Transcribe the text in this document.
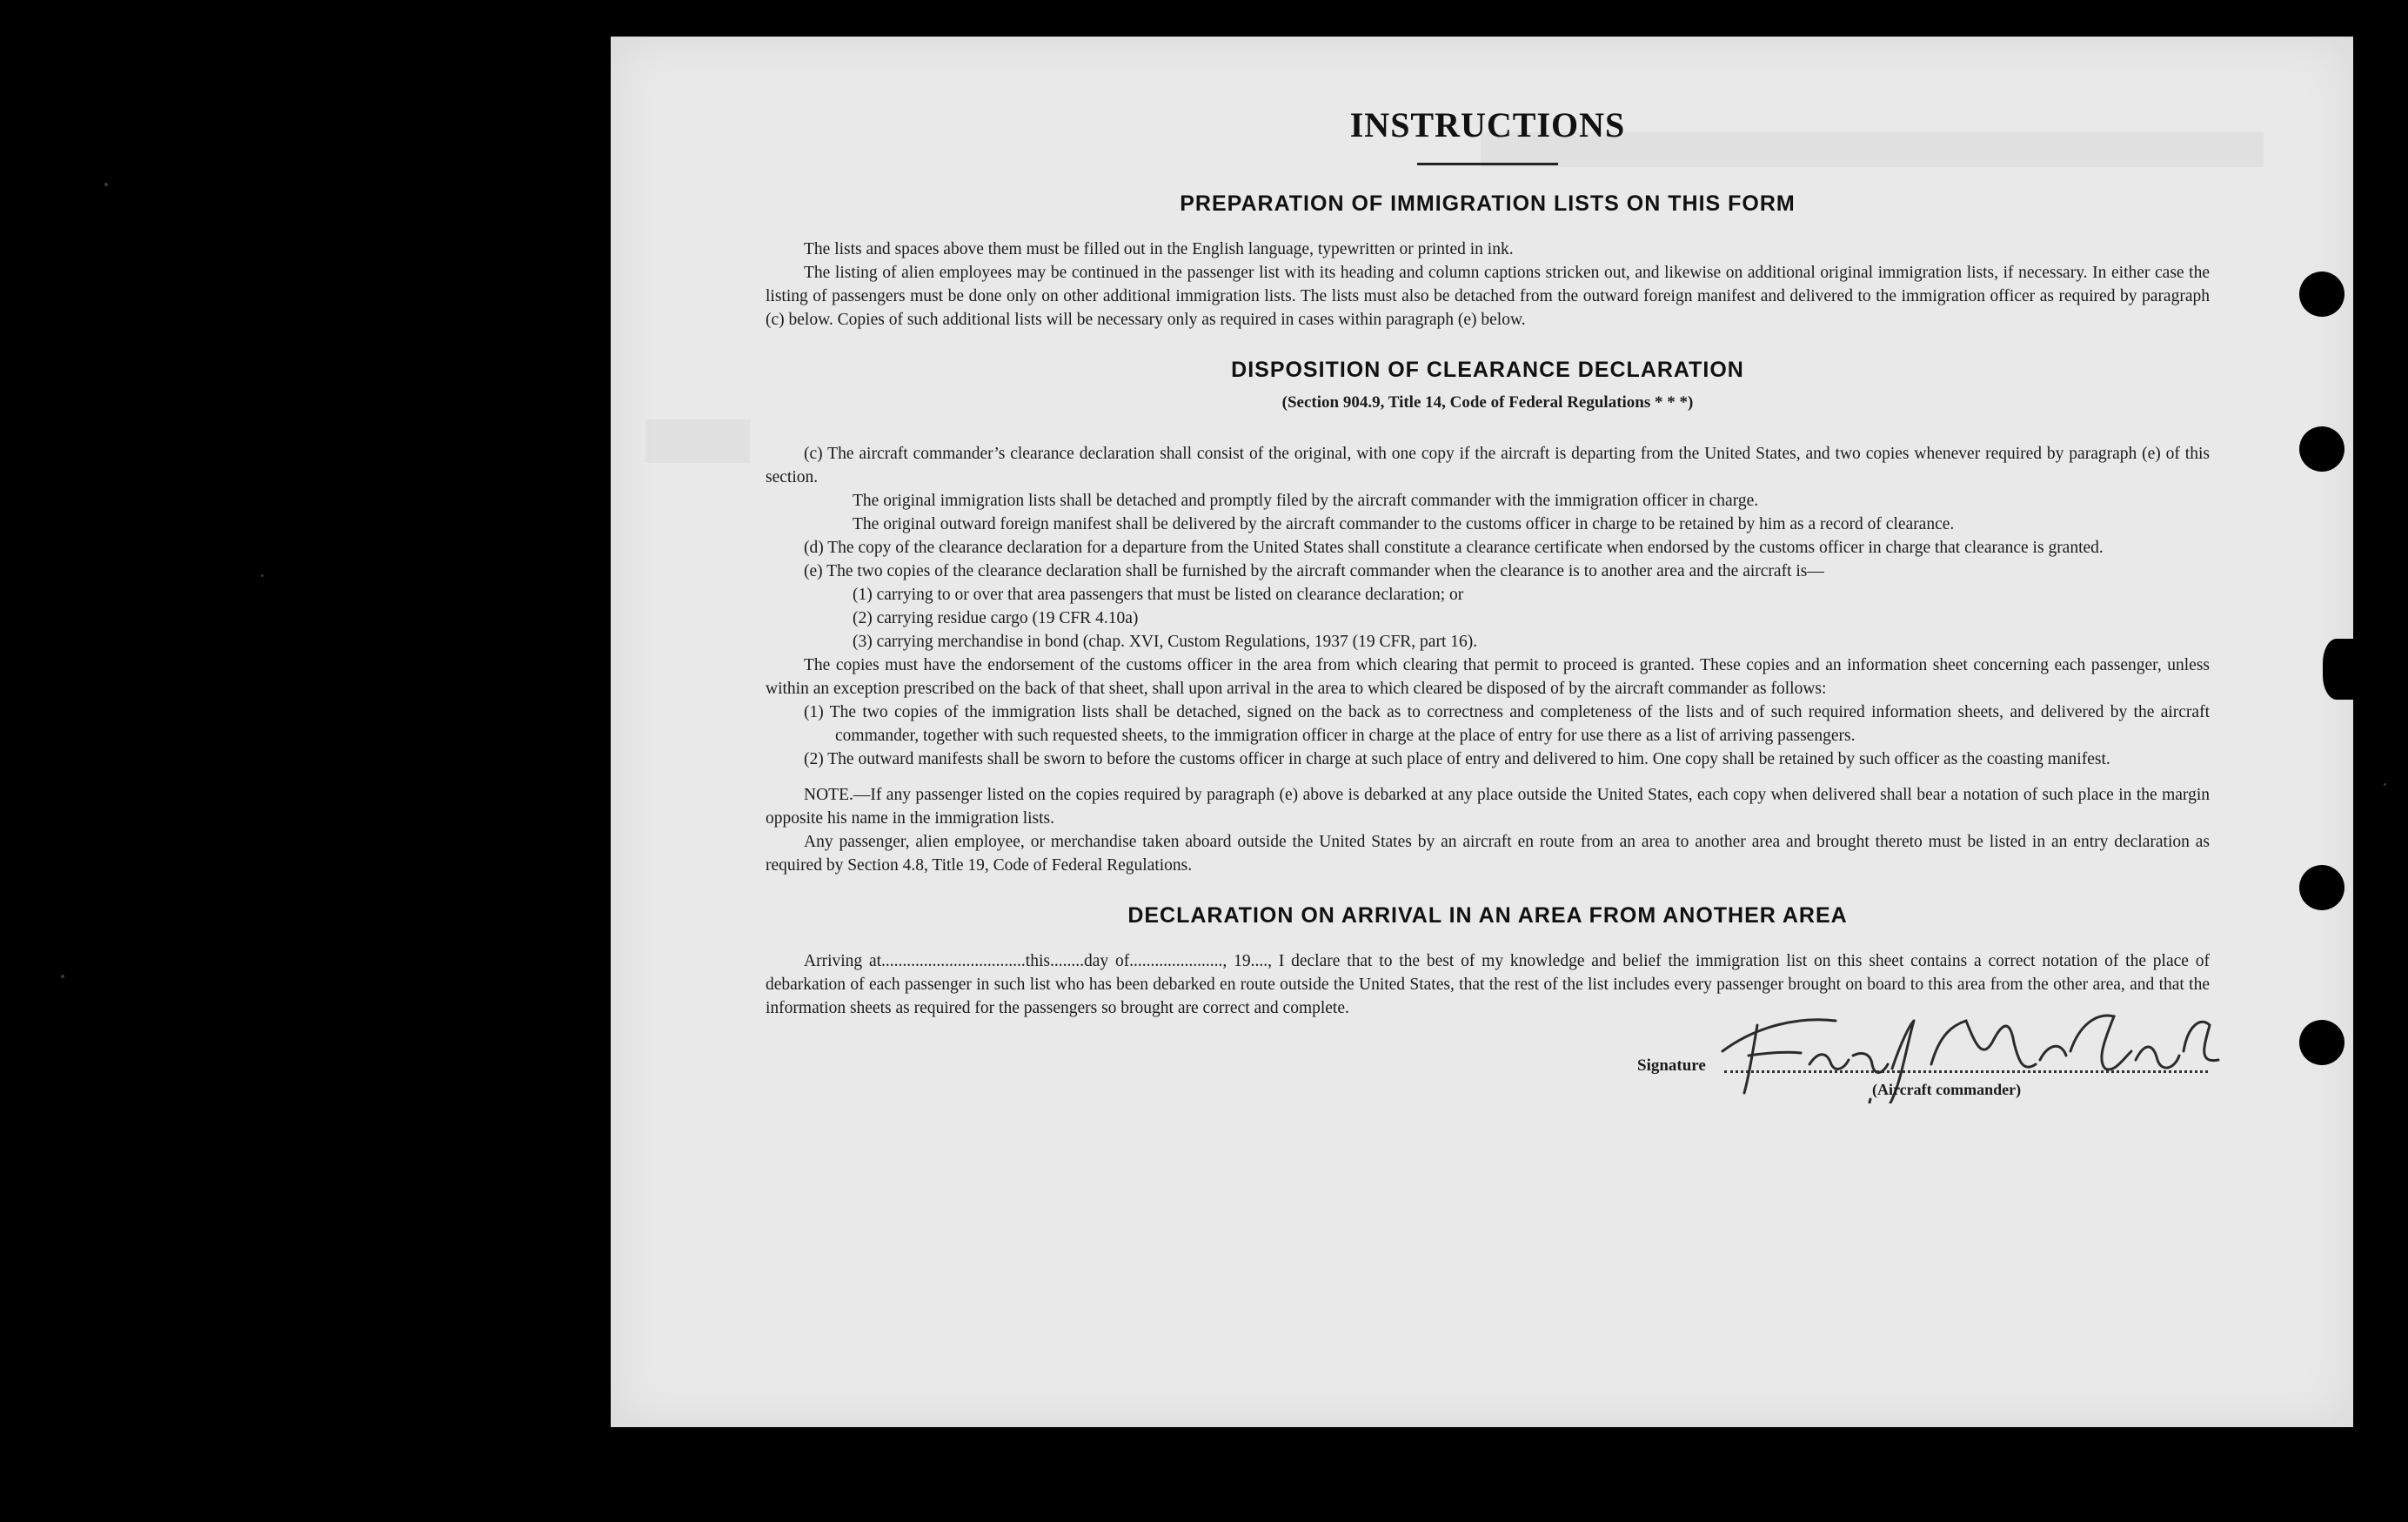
INSTRUCTIONS
PREPARATION OF IMMIGRATION LISTS ON THIS FORM

The lists and spaces above them must be filled out in the English language, typewritten or printed in ink.

The listing of alien employees may be continued in the passenger list with its heading and column captions stricken out, and likewise on additional original immigration lists, if necessary. In either case the listing of passengers must be done only on other additional immigration lists. The lists must also be detached from the outward foreign manifest and delivered to the immigration officer as required by paragraph (c) below. Copies of such additional lists will be necessary only as required in cases within paragraph (e) below.

DISPOSITION OF CLEARANCE DECLARATION
(Section 904.9, Title 14, Code of Federal Regulations * * *)

(c) The aircraft commander’s clearance declaration shall consist of the original, with one copy if the aircraft is departing from the United States, and two copies whenever required by paragraph (e) of this section.

The original immigration lists shall be detached and promptly filed by the aircraft commander with the immigration officer in charge.

The original outward foreign manifest shall be delivered by the aircraft commander to the customs officer in charge to be retained by him as a record of clearance.

(d) The copy of the clearance declaration for a departure from the United States shall constitute a clearance certificate when endorsed by the customs officer in charge that clearance is granted.

(e) The two copies of the clearance declaration shall be furnished by the aircraft commander when the clearance is to another area and the aircraft is—

(1) carrying to or over that area passengers that must be listed on clearance declaration; or

(2) carrying residue cargo (19 CFR 4.10a)

(3) carrying merchandise in bond (chap. XVI, Custom Regulations, 1937 (19 CFR, part 16).

The copies must have the endorsement of the customs officer in the area from which clearing that permit to proceed is granted. These copies and an information sheet concerning each passenger, unless within an exception prescribed on the back of that sheet, shall upon arrival in the area to which cleared be disposed of by the aircraft commander as follows:

(1) The two copies of the immigration lists shall be detached, signed on the back as to correctness and completeness of the lists and of such required information sheets, and delivered by the aircraft commander, together with such requested sheets, to the immigration officer in charge at the place of entry for use there as a list of arriving passengers.

(2) The outward manifests shall be sworn to before the customs officer in charge at such place of entry and delivered to him. One copy shall be retained by such officer as the coasting manifest.

NOTE.—If any passenger listed on the copies required by paragraph (e) above is debarked at any place outside the United States, each copy when delivered shall bear a notation of such place in the margin opposite his name in the immigration lists.

Any passenger, alien employee, or merchandise taken aboard outside the United States by an aircraft en route from an area to another area and brought thereto must be listed in an entry declaration as required by Section 4.8, Title 19, Code of Federal Regulations.

DECLARATION ON ARRIVAL IN AN AREA FROM ANOTHER AREA

Arriving at..................................this........day of......................, 19...., I declare that to the best of my knowledge and belief the immigration list on this sheet contains a correct notation of the place of debarkation of each passenger in such list who has been debarked en route outside the United States, that the rest of the list includes every passenger brought on board to this area from the other area, and that the information sheets as required for the passengers so brought are correct and complete.

Signature
(Aircraft commander)
